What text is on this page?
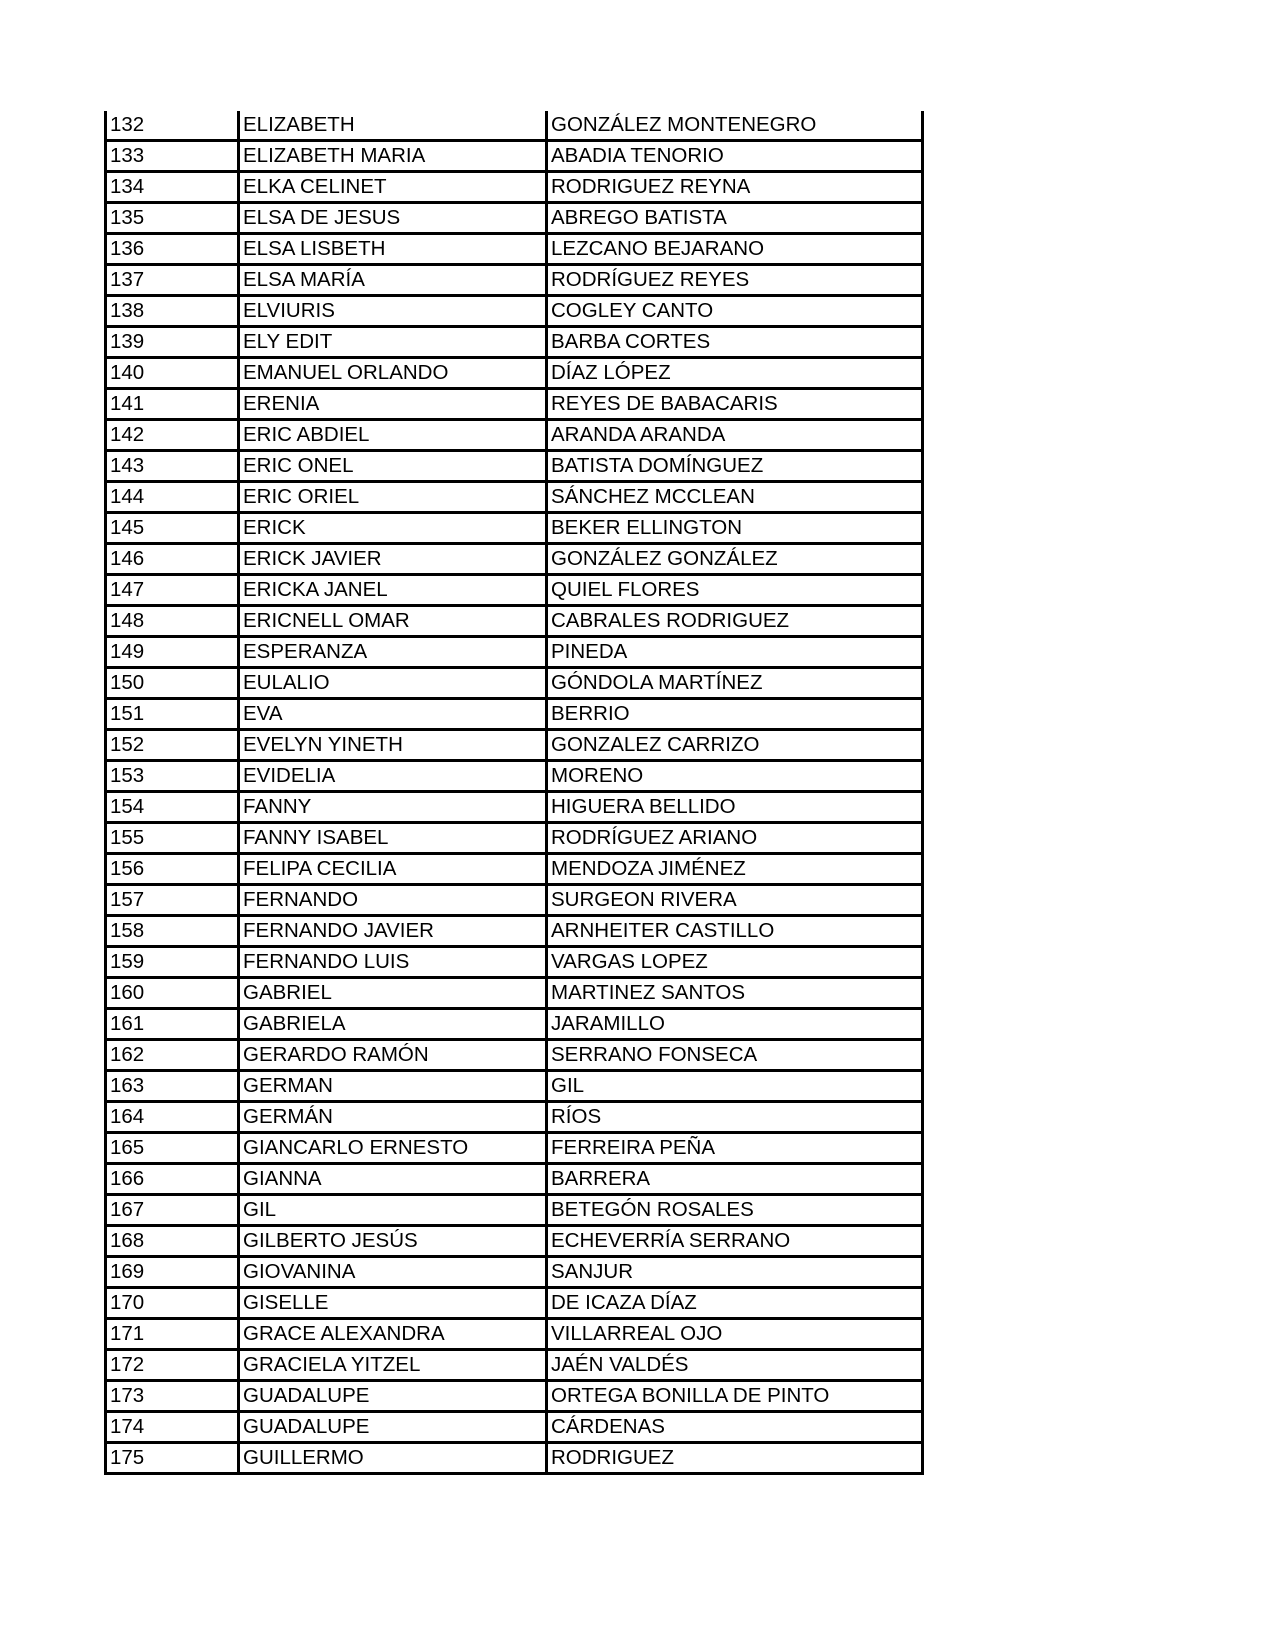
132	ELIZABETH	GONZÁLEZ MONTENEGRO
133	ELIZABETH MARIA	ABADIA TENORIO
134	ELKA CELINET	RODRIGUEZ REYNA
135	ELSA DE JESUS	ABREGO BATISTA
136	ELSA LISBETH	LEZCANO BEJARANO
137	ELSA MARÍA	RODRÍGUEZ REYES
138	ELVIURIS	COGLEY CANTO
139	ELY EDIT	BARBA CORTES
140	EMANUEL ORLANDO	DÍAZ LÓPEZ
141	ERENIA	REYES DE BABACARIS
142	ERIC ABDIEL	ARANDA ARANDA
143	ERIC ONEL	BATISTA DOMÍNGUEZ
144	ERIC ORIEL	SÁNCHEZ MCCLEAN
145	ERICK	BEKER ELLINGTON
146	ERICK JAVIER	GONZÁLEZ GONZÁLEZ
147	ERICKA JANEL	QUIEL FLORES
148	ERICNELL OMAR	CABRALES RODRIGUEZ
149	ESPERANZA	PINEDA
150	EULALIO	GÓNDOLA MARTÍNEZ
151	EVA	BERRIO
152	EVELYN YINETH	GONZALEZ CARRIZO
153	EVIDELIA	MORENO
154	FANNY	HIGUERA BELLIDO
155	FANNY ISABEL	RODRÍGUEZ ARIANO
156	FELIPA CECILIA	MENDOZA JIMÉNEZ
157	FERNANDO	SURGEON RIVERA
158	FERNANDO JAVIER	ARNHEITER CASTILLO
159	FERNANDO LUIS	VARGAS LOPEZ
160	GABRIEL	MARTINEZ SANTOS
161	GABRIELA	JARAMILLO
162	GERARDO RAMÓN	SERRANO FONSECA
163	GERMAN	GIL
164	GERMÁN	RÍOS
165	GIANCARLO ERNESTO	FERREIRA PEÑA
166	GIANNA	BARRERA
167	GIL	BETEGÓN ROSALES
168	GILBERTO JESÚS	ECHEVERRÍA SERRANO
169	GIOVANINA	SANJUR
170	GISELLE	DE ICAZA DÍAZ
171	GRACE ALEXANDRA	VILLARREAL OJO
172	GRACIELA YITZEL	JAÉN VALDÉS
173	GUADALUPE	ORTEGA BONILLA DE PINTO
174	GUADALUPE	CÁRDENAS
175	GUILLERMO	RODRIGUEZ
